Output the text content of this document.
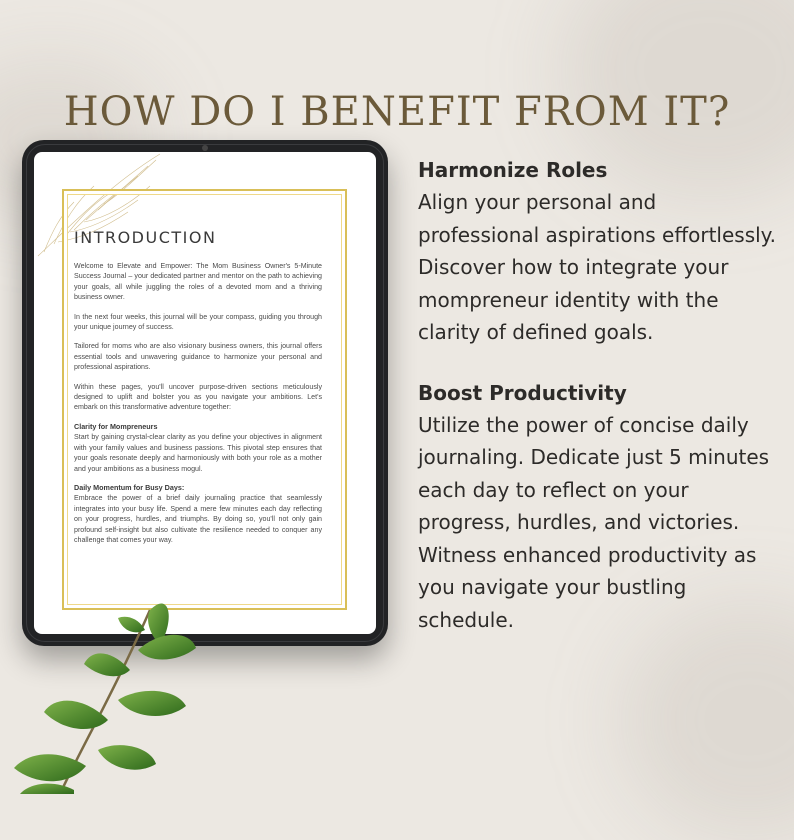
HOW DO I BENEFIT FROM IT?
INTRODUCTION

Welcome to Elevate and Empower: The Mom Business Owner's 5-Minute Success Journal – your dedicated partner and mentor on the path to achieving your goals, all while juggling the roles of a devoted mom and a thriving business owner.

In the next four weeks, this journal will be your compass, guiding you through your unique journey of success.

Tailored for moms who are also visionary business owners, this journal offers essential tools and unwavering guidance to harmonize your personal and professional aspirations.

Within these pages, you'll uncover purpose-driven sections meticulously designed to uplift and bolster you as you navigate your ambitions. Let's embark on this transformative adventure together:

Clarity for Mompreneurs

Start by gaining crystal-clear clarity as you define your objectives in alignment with your family values and business passions. This pivotal step ensures that your goals resonate deeply and harmoniously with both your role as a mother and your ambitions as a business mogul.

Daily Momentum for Busy Days:

Embrace the power of a brief daily journaling practice that seamlessly integrates into your busy life. Spend a mere few minutes each day reflecting on your progress, hurdles, and triumphs. By doing so, you'll not only gain profound self-insight but also cultivate the resilience needed to conquer any challenge that comes your way.

Harmonize Roles

Align your personal and professional aspirations effortlessly. Discover how to integrate your mompreneur identity with the clarity of defined goals.

Boost Productivity

Utilize the power of concise daily journaling. Dedicate just 5 minutes each day to reflect on your progress, hurdles, and victories. Witness enhanced productivity as you navigate your bustling schedule.
